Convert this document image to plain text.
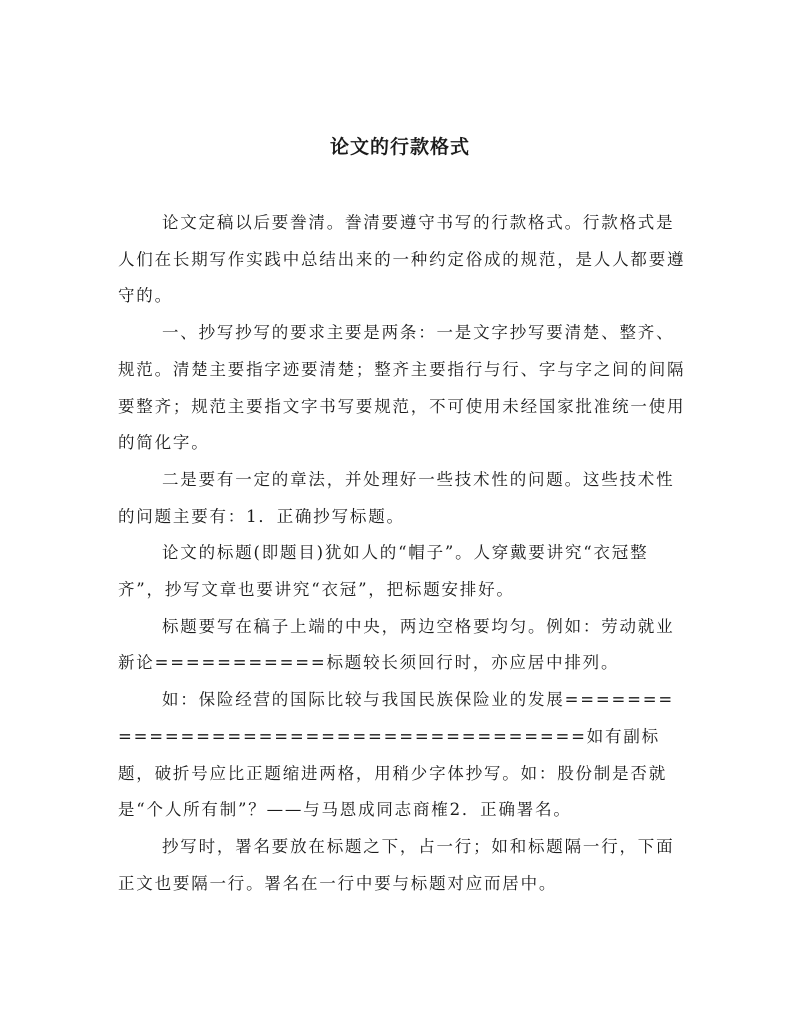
论文的行款格式

论文定稿以后要誊清。誊清要遵守书写的行款格式。行款格式是人们在长期写作实践中总结出来的一种约定俗成的规范，是人人都要遵守的。

一、抄写抄写的要求主要是两条：一是文字抄写要清楚、整齐、规范。清楚主要指字迹要清楚；整齐主要指行与行、字与字之间的间隔要整齐；规范主要指文字书写要规范，不可使用未经国家批准统一使用的简化字。

二是要有一定的章法，并处理好一些技术性的问题。这些技术性的问题主要有：1．正确抄写标题。

论文的标题(即题目)犹如人的“帽子”。人穿戴要讲究“衣冠整齐”，抄写文章也要讲究“衣冠”，把标题安排好。

标题要写在稿子上端的中央，两边空格要均匀。例如：劳动就业新论===========标题较长须回行时，亦应居中排列。

如：保险经营的国际比较与我国民族保险业的发展=====================================如有副标题，破折号应比正题缩进两格，用稍少字体抄写。如：股份制是否就是“个人所有制”？——与马恩成同志商榷2．正确署名。

抄写时，署名要放在标题之下，占一行；如和标题隔一行，下面正文也要隔一行。署名在一行中要与标题对应而居中。
